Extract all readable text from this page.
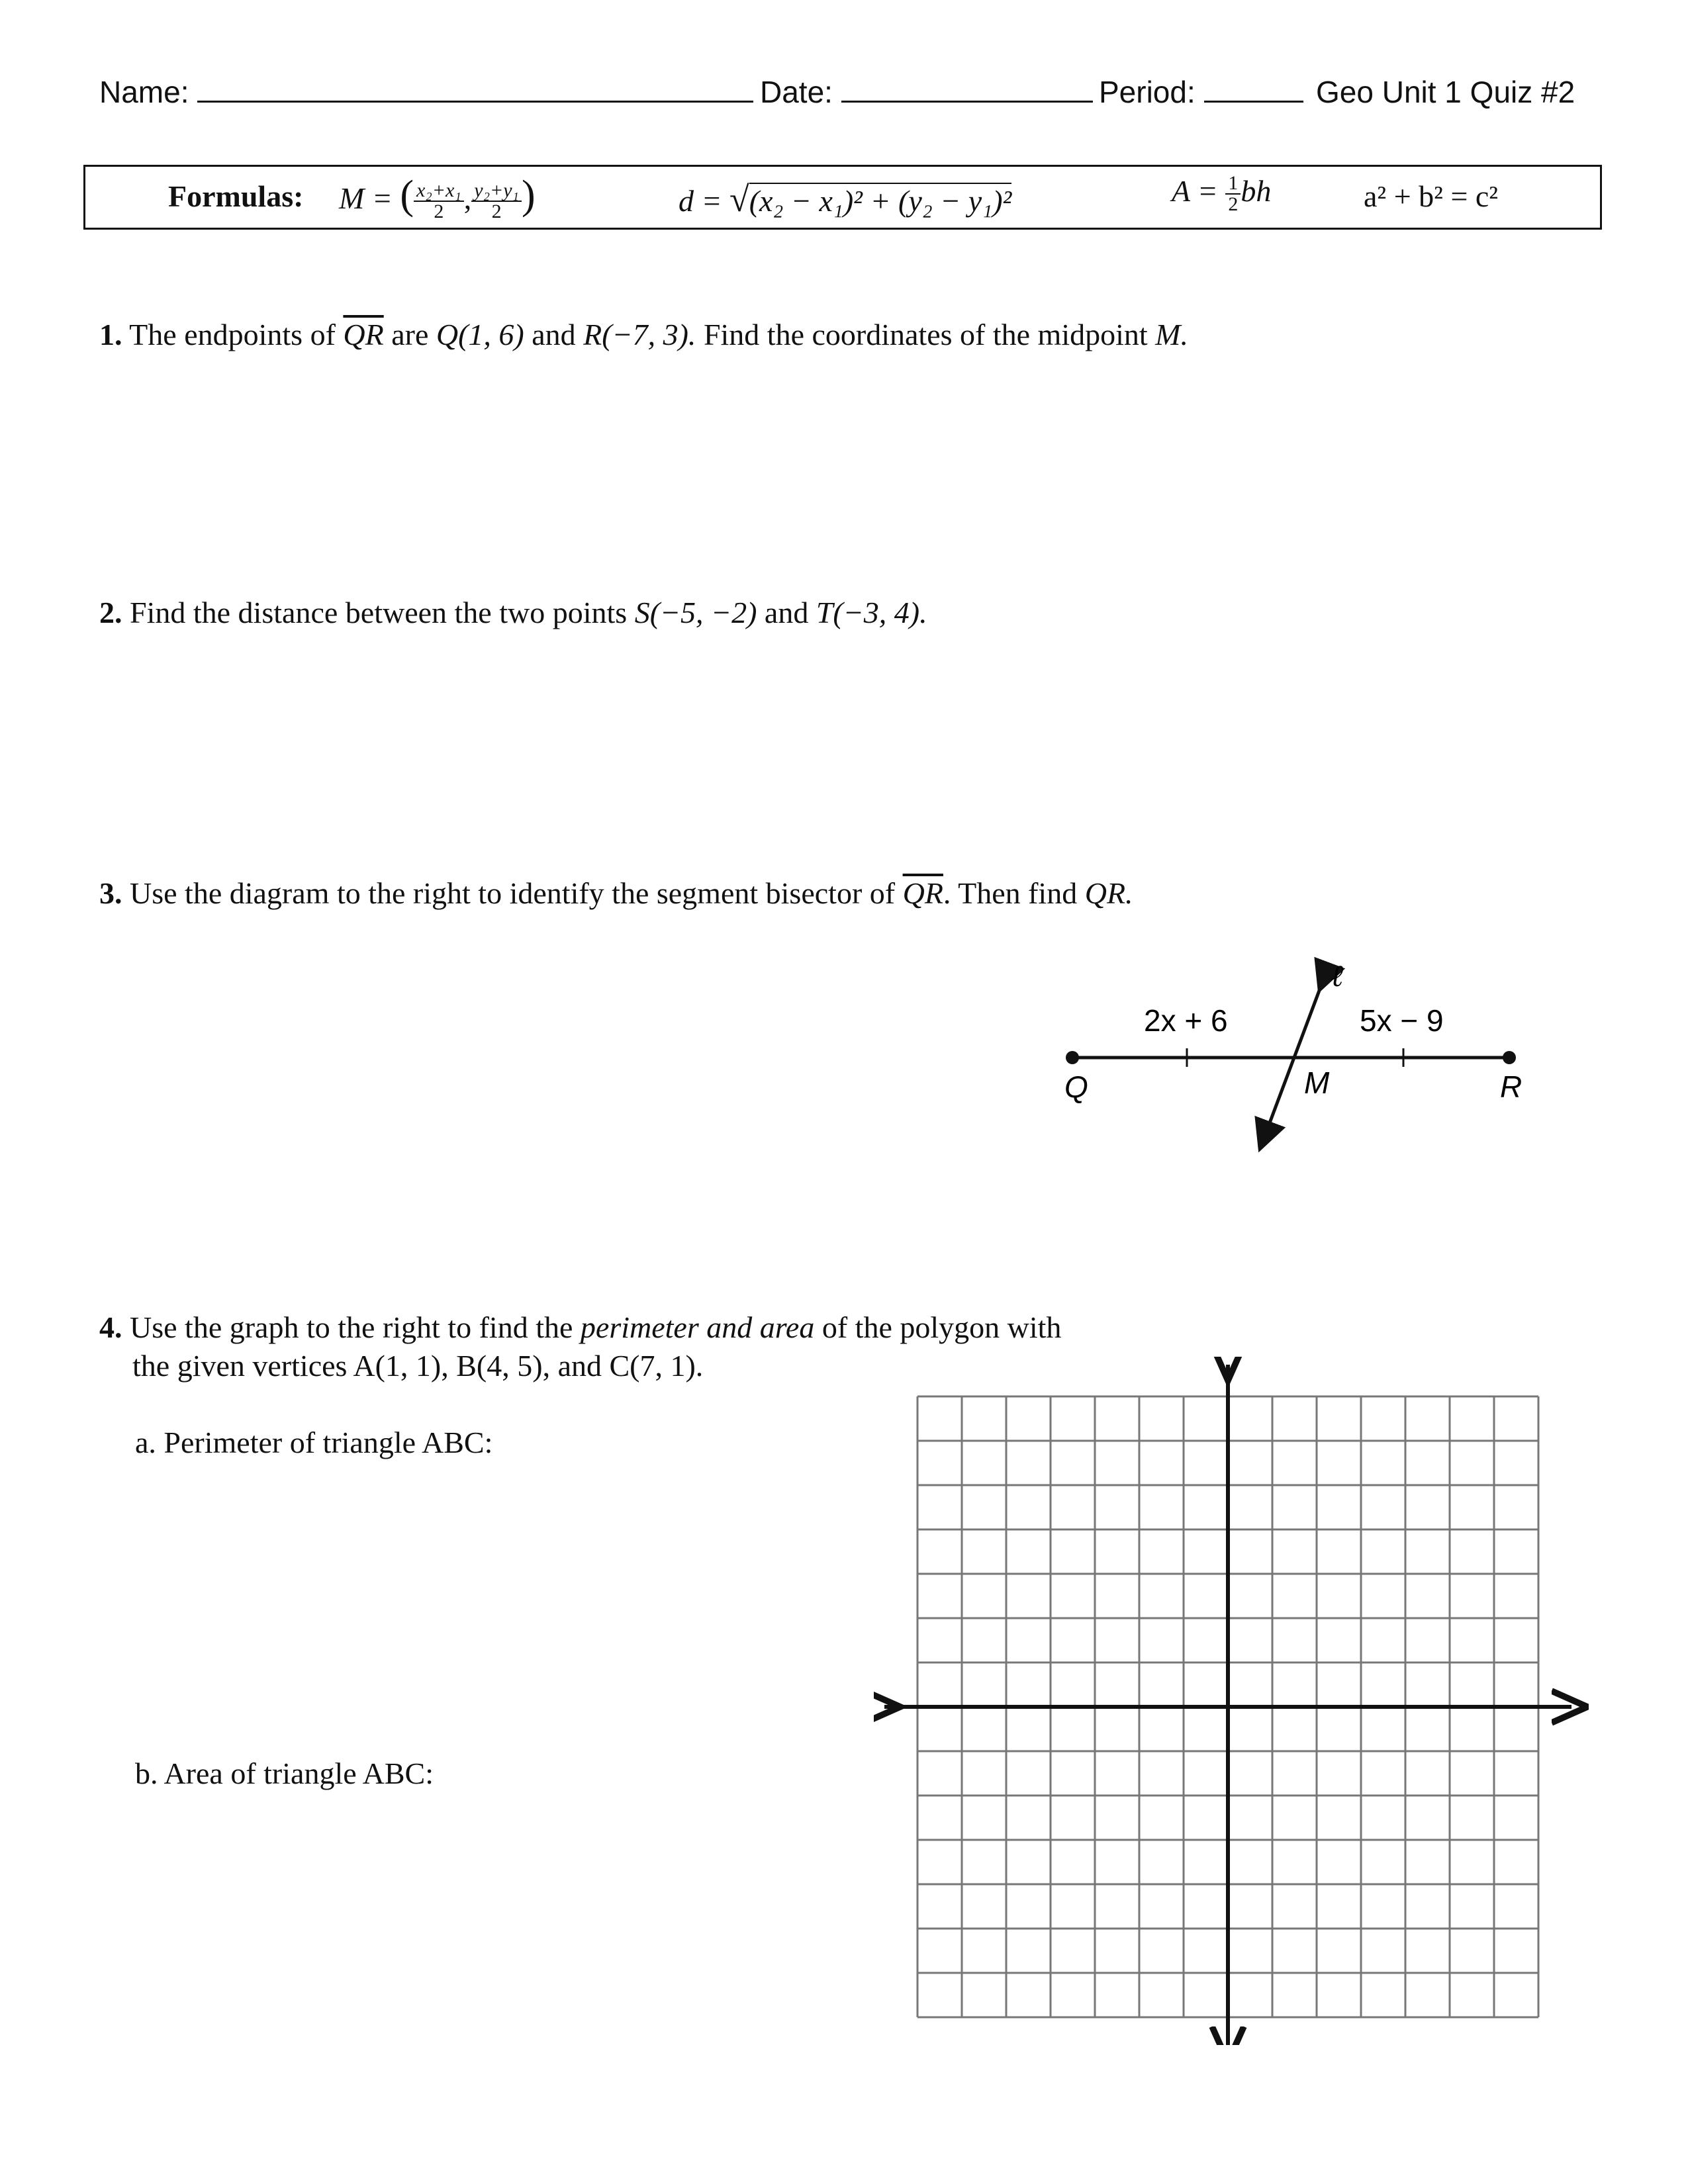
Name:	Date:	Period:	Geo Unit 1 Quiz #2
Formulas: M = ( $\frac{\text{x₂+x₁}}{2}$ , $\frac{\text{y₂+y₁}}{2}$ )	d = √(x₂ − x₁)² + (y₂ − y₁)²	$A = \frac{1}{2}$ bh	a² + b² = c²
1. The endpoints of $\overline{QR}$ are Q(1, 6) and R(−7, 3). Find the coordinates of the midpoint M.
2. Find the distance between the two points S(−5, −2) and T(−3, 4).
3. Use the diagram to the right to identify the segment bisector of $\overline{QR}$. Then find QR.
2x + 6	5x − 9
Q	M	R
ℓ
4. Use the graph to the right to find the perimeter and area of the polygon with
the given vertices A(1, 1), B(4, 5), and C(7, 1).
a. Perimeter of triangle ABC:
b. Area of triangle ABC:
